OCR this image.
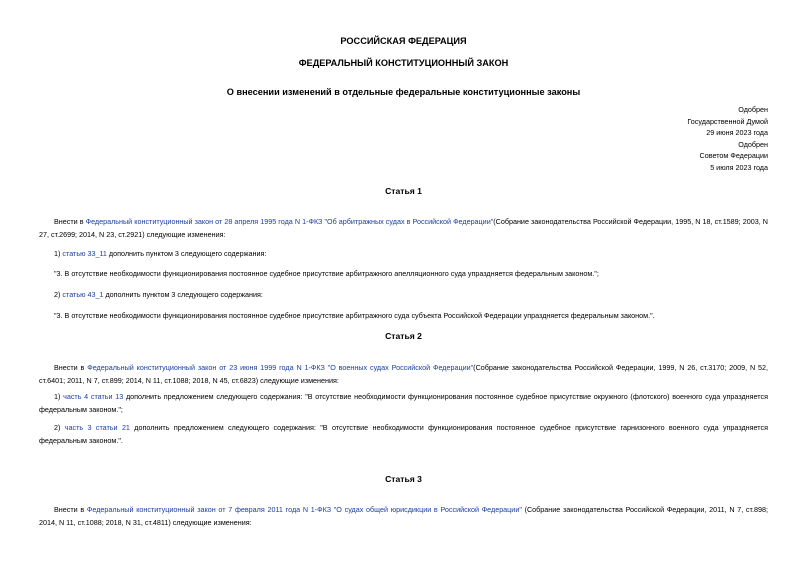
РОССИЙСКАЯ ФЕДЕРАЦИЯ
ФЕДЕРАЛЬНЫЙ КОНСТИТУЦИОННЫЙ ЗАКОН
О внесении изменений в отдельные федеральные конституционные законы
Одобрен
Государственной Думой
29 июня 2023 года
Одобрен
Советом Федерации
5 июля 2023 года
Статья 1
Внести в Федеральный конституционный закон от 28 апреля 1995 года N 1-ФКЗ "Об арбитражных судах в Российской Федерации"(Собрание законодательства Российской Федерации, 1995, N 18, ст.1589; 2003, N 27, ст.2699; 2014, N 23, ст.2921) следующие изменения:
1) статью 33_11 дополнить пунктом 3 следующего содержания:
"3. В отсутствие необходимости функционирования постоянное судебное присутствие арбитражного апелляционного суда упраздняется федеральным законом.";
2) статью 43_1 дополнить пунктом 3 следующего содержания:
"3. В отсутствие необходимости функционирования постоянное судебное присутствие арбитражного суда субъекта Российской Федерации упраздняется федеральным законом.".
Статья 2
Внести в Федеральный конституционный закон от 23 июня 1999 года N 1-ФКЗ "О военных судах Российской Федерации"(Собрание законодательства Российской Федерации, 1999, N 26, ст.3170; 2009, N 52, ст.6401; 2011, N 7, ст.899; 2014, N 11, ст.1088; 2018, N 45, ст.6823) следующие изменения:
1) часть 4 статьи 13 дополнить предложением следующего содержания: "В отсутствие необходимости функционирования постоянное судебное присутствие окружного (флотского) военного суда упраздняется федеральным законом.";
2) часть 3 статьи 21 дополнить предложением следующего содержания: "В отсутствие необходимости функционирования постоянное судебное присутствие гарнизонного военного суда упраздняется федеральным законом.".
Статья 3
Внести в Федеральный конституционный закон от 7 февраля 2011 года N 1-ФКЗ "О судах общей юрисдикции в Российской Федерации" (Собрание законодательства Российской Федерации, 2011, N 7, ст.898; 2014, N 11, ст.1088; 2018, N 31, ст.4811) следующие изменения:
